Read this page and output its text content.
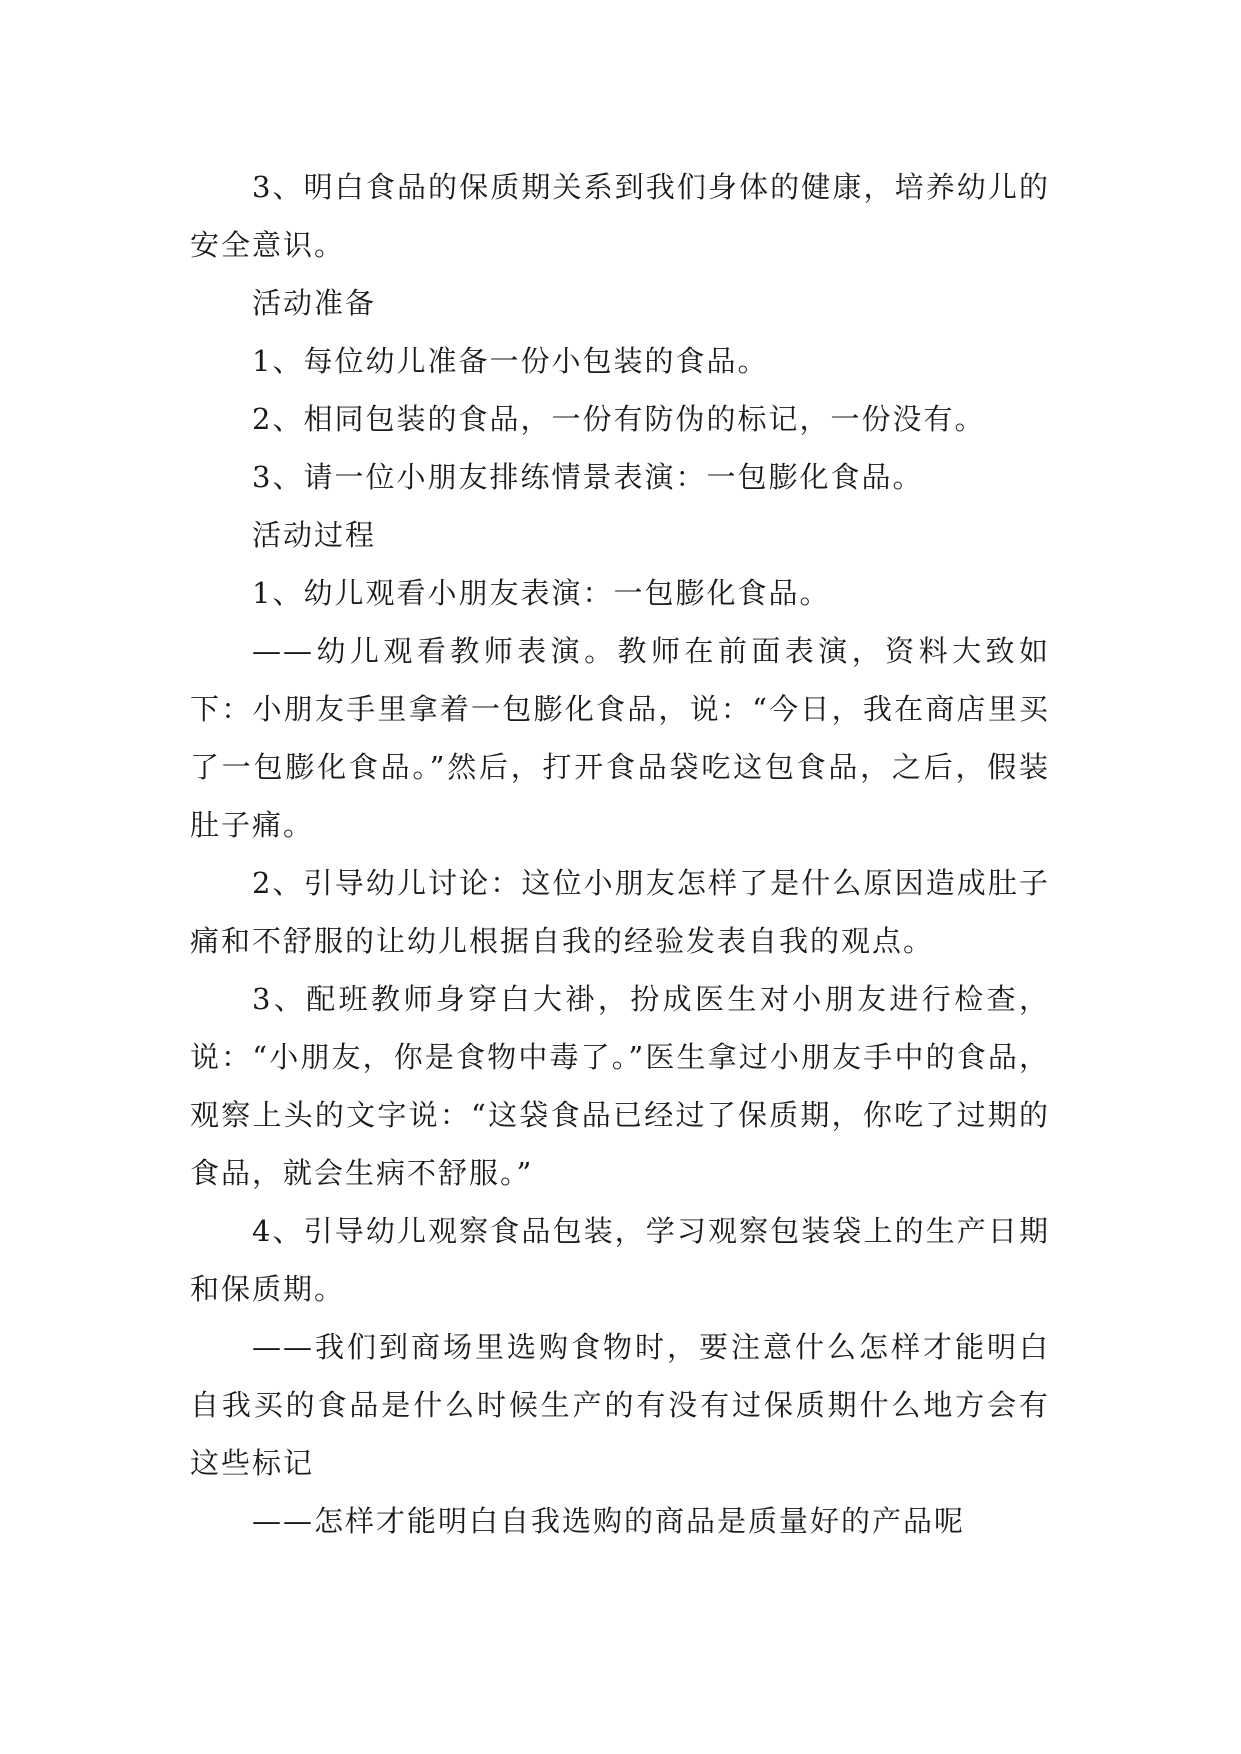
3、明白食品的保质期关系到我们身体的健康，培养幼儿的安全意识。

活动准备

1、每位幼儿准备一份小包装的食品。

2、相同包装的食品，一份有防伪的标记，一份没有。

3、请一位小朋友排练情景表演：一包膨化食品。

活动过程

1、幼儿观看小朋友表演：一包膨化食品。

——幼儿观看教师表演。教师在前面表演，资料大致如下：小朋友手里拿着一包膨化食品，说：“今日，我在商店里买了一包膨化食品。”然后，打开食品袋吃这包食品，之后，假装肚子痛。

2、引导幼儿讨论：这位小朋友怎样了是什么原因造成肚子痛和不舒服的让幼儿根据自我的经验发表自我的观点。

3、配班教师身穿白大褂，扮成医生对小朋友进行检查，说：“小朋友，你是食物中毒了。”医生拿过小朋友手中的食品，观察上头的文字说：“这袋食品已经过了保质期，你吃了过期的食品，就会生病不舒服。”

4、引导幼儿观察食品包装，学习观察包装袋上的生产日期和保质期。

——我们到商场里选购食物时，要注意什么怎样才能明白自我买的食品是什么时候生产的有没有过保质期什么地方会有这些标记

——怎样才能明白自我选购的商品是质量好的产品呢
